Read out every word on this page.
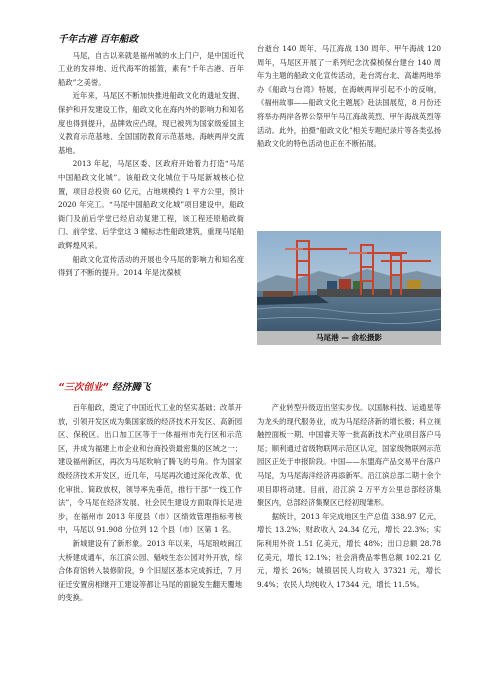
千年古港 百年船政

马尾，自古以来就是福州城的水上门户，是中国近代工业的发祥地、近代海军的摇篮，素有“千年古港、百年船政”之美誉。

近年来，马尾区不断加快推进船政文化的遗址发掘、保护和开发建设工作，船政文化在海内外的影响力和知名度也得到提升，品牌效应凸现，现已被列为国家级爱国主义教育示范基地、全国国防教育示范基地、海峡两岸交流基地。

2013 年起，马尾区委、区政府开始着力打造“马尾 中国船政文化城”。该船政文化城位于马尾新城核心位置，项目总投资 60 亿元，占地规模约 1 平方公里，预计 2020 年完工。“马尾中国船政文化城”项目建设中，船政衙门及前后学堂已经启动复建工程，该工程还原船政衙门、前学堂、后学堂这 3 幢标志性船政建筑，重现马尾船政辉煌风采。

船政文化宣传活动的开展也令马尾的影响力和知名度得到了不断的提升。2014 年是沈葆桢

台逝台 140 周年、马江海战 130 周年、甲午海战 120 周年，马尾区开展了一系列纪念沈葆桢保台建台 140 周年为主题的船政文化宣传活动，赴台湾台北、高雄两地举办《船政与台湾》特展，在海峡两岸引起不小的反响，《福州故事——船政文化主题展》赴法国展览，8 月份还将举办两岸各界公祭甲午马江海战英烈、甲午海战英烈等活动。此外，拍摄“船政文化”相关专题纪录片等各类弘扬船政文化的特色活动也正在不断拓展。

马尾港 — 俞松摄影
“三次创业” 经济腾飞

百年船政，奠定了中国近代工业的坚实基础；改革开放，引领开发区成为集国家级的经济技术开发区、高新园区、保税区、出口加工区等于一体福州市先行区和示范区，并成为福建上市企业和台商投资最密集的区域之一；建设福州新区，再次为马尾吹响了腾飞的号角。作为国家级经济技术开发区，近几年，马尾再次通过深化改革、优化审批、简政放权，领导率先垂范，推行干部“一线工作法”，令马尾在经济发展、社会民生建设方面取得长足进步，在福州市 2013 年度县（市）区绩效管理指标考核中，马尾以 91.908 分位列 12 个县（市）区第 1 名。

新城建设有了新形象。2013 年以来，马尾琅岐闽江大桥建成通车，东江滨公园、魁岐生态公园对外开放，综合体育馆转入装修阶段，9 个旧屋区基本完成拆迁，7 月征迁安置房相继开工建设等都让马尾的面貌发生翻天覆地的变换。

产业转型升级迈出坚实步伐。以国脉科技、运通星等为龙头的现代服务业，成为马尾经济新的增长极；科立视触控面板一期、中国睿天等一批高新技术产业项目落户马尾；顺利通过省级物联网示范区认定，国家级物联网示范园区正处于申报阶段。中国——东盟海产品交易平台落户马尾，为马尾海洋经济再添新军。沿江滨总部二期十余个项目即将动建。目前，沿江滨 2 万平方公里总部经济集聚区内，总部经济集聚区已经初现雏形。

据统计，2013 年完成地区生产总值 338.97 亿元，增长 13.2%；财政收入 24.34 亿元，增长 22.3%；实际利用外资 1.51 亿美元，增长 48%；出口总额 28.78 亿美元，增长 12.1%；社会消费品零售总额 102.21 亿元，增长 26%；城镇居民人均收入 37321 元，增长 9.4%；农民人均纯收入 17344 元，增长 11.5%。
